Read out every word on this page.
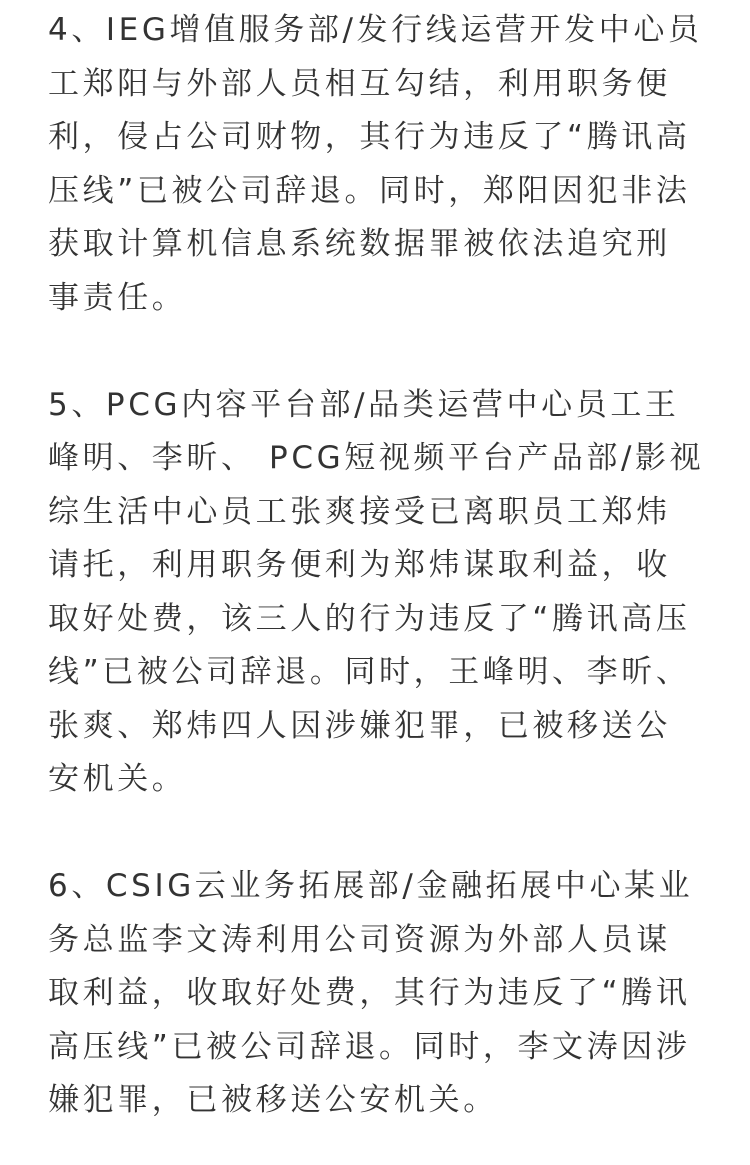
4、IEG增值服务部/发行线运营开发中心员
工郑阳与外部人员相互勾结，利用职务便
利，侵占公司财物，其行为违反了“腾讯高
压线”已被公司辞退。同时，郑阳因犯非法
获取计算机信息系统数据罪被依法追究刑
事责任。

5、PCG内容平台部/品类运营中心员工王
峰明、李昕、 PCG短视频平台产品部/影视
综生活中心员工张爽接受已离职员工郑炜
请托，利用职务便利为郑炜谋取利益，收
取好处费，该三人的行为违反了“腾讯高压
线”已被公司辞退。同时，王峰明、李昕、
张爽、郑炜四人因涉嫌犯罪，已被移送公
安机关。

6、CSIG云业务拓展部/金融拓展中心某业
务总监李文涛利用公司资源为外部人员谋
取利益，收取好处费，其行为违反了“腾讯
高压线”已被公司辞退。同时，李文涛因涉
嫌犯罪，已被移送公安机关。
